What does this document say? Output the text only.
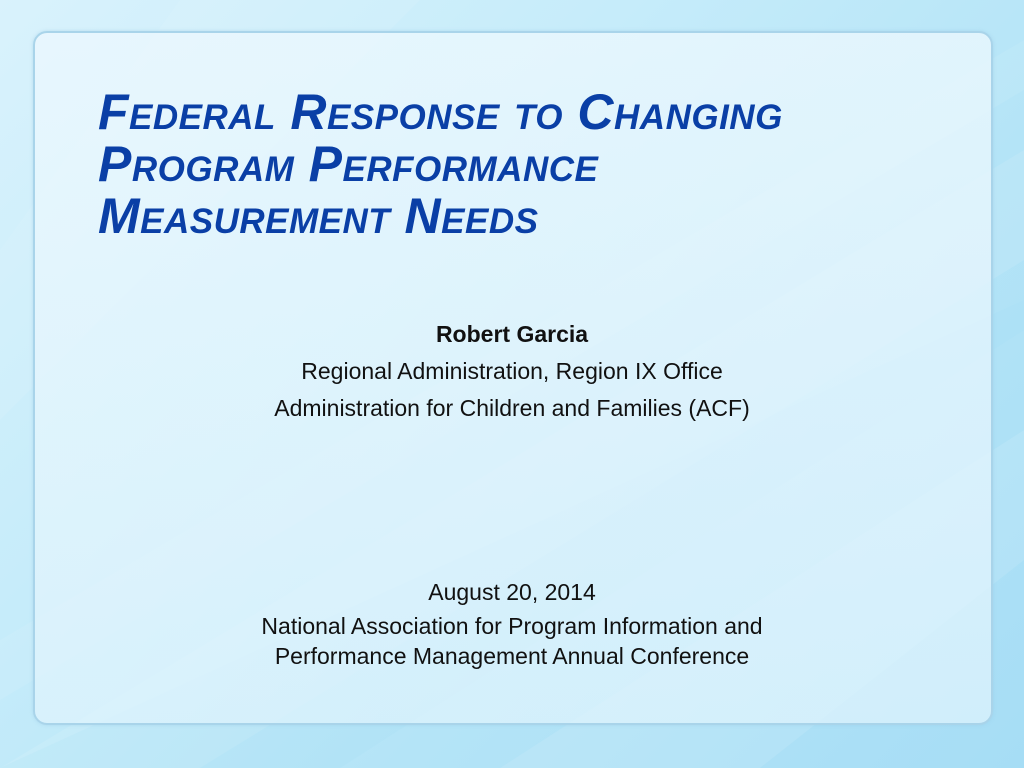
Federal Response to Changing
Program Performance
Measurement Needs
Robert Garcia
Regional Administration, Region IX Office
Administration for Children and Families (ACF)
August 20, 2014
National Association for Program Information and
Performance Management Annual Conference
